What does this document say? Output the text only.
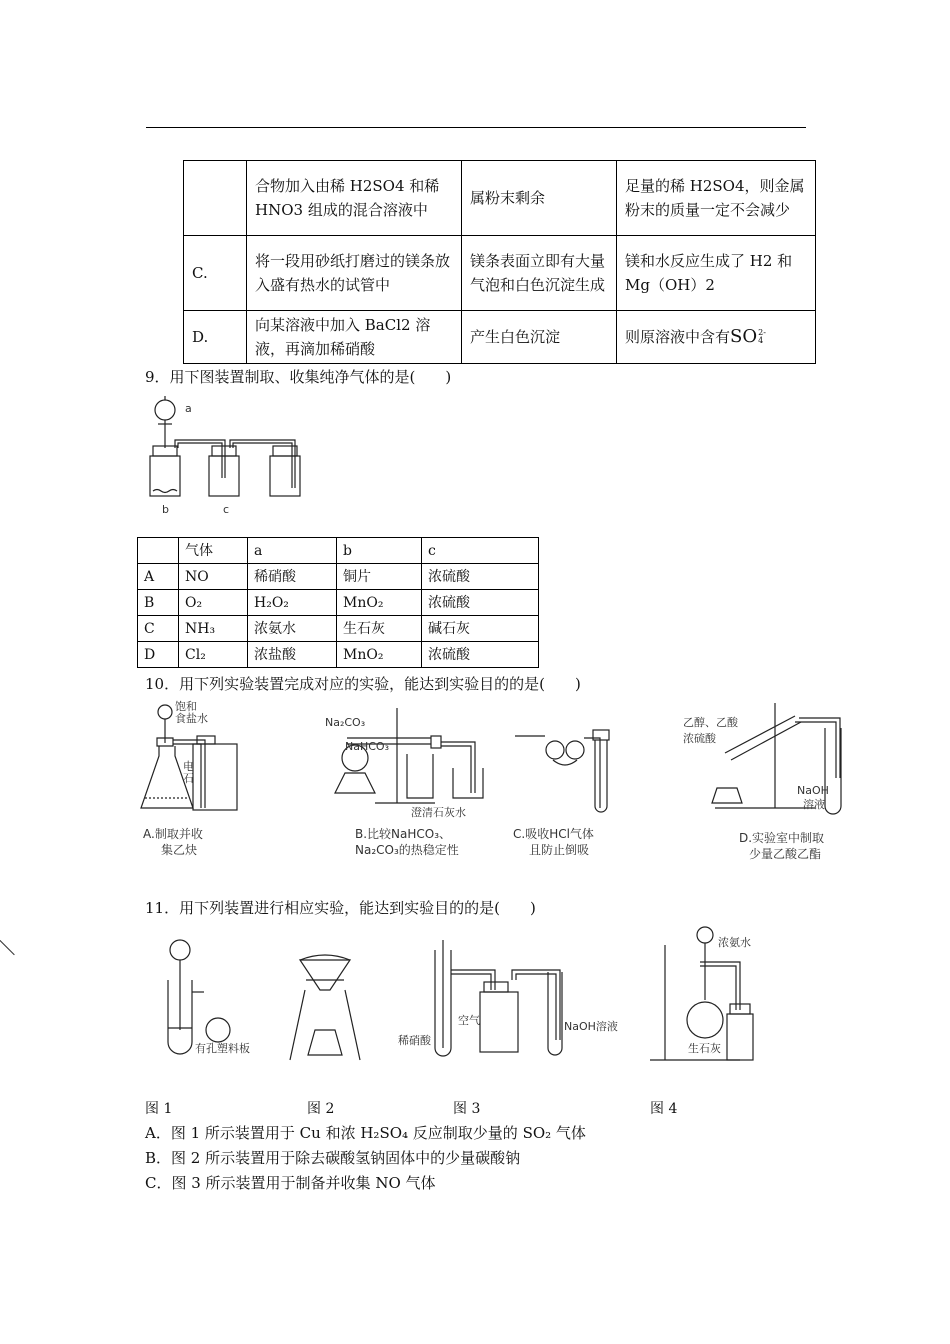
	合物加入由稀 H2SO4 和稀 HNO3 组成的混合溶液中	属粉末剩余	足量的稀 H2SO4，则金属粉末的质量一定不会减少
C.	将一段用砂纸打磨过的镁条放入盛有热水的试管中	镁条表面立即有大量气泡和白色沉淀生成	镁和水反应生成了 H2 和 Mg（OH）2
D.	向某溶液中加入 BaCl2 溶液，再滴加稀硝酸	产生白色沉淀	则原溶液中含有SO 2-
4
9．用下图装置制取、收集纯净气体的是(　　)
a
b	c
	气体	a	b	c
A	NO	稀硝酸	铜片	浓硫酸
B	O₂	H₂O₂	MnO₂	浓硫酸
C	NH₃	浓氨水	生石灰	碱石灰
D	Cl₂	浓盐酸	MnO₂	浓硫酸
10．用下列实验装置完成对应的实验，能达到实验目的的是(　　)
饱和
食盐水
电
石
Na₂CO₃
NaHCO₃
澄清石灰水
乙醇、乙酸
浓硫酸
NaOH
溶液
A.制取并收
集乙炔
B.比较NaHCO₃、
Na₂CO₃的热稳定性
C.吸收HCl气体
且防止倒吸
D.实验室中制取
少量乙酸乙酯
11．用下列装置进行相应实验，能达到实验目的的是(　　)
有孔塑料板
空气	NaOH溶液
稀硝酸
浓氨水
生石灰
图 1	图 2	图 3	图 4
A．图 1 所示装置用于 Cu 和浓 H₂SO₄ 反应制取少量的 SO₂ 气体
B．图 2 所示装置用于除去碳酸氢钠固体中的少量碳酸钠
C．图 3 所示装置用于制备并收集 NO 气体
